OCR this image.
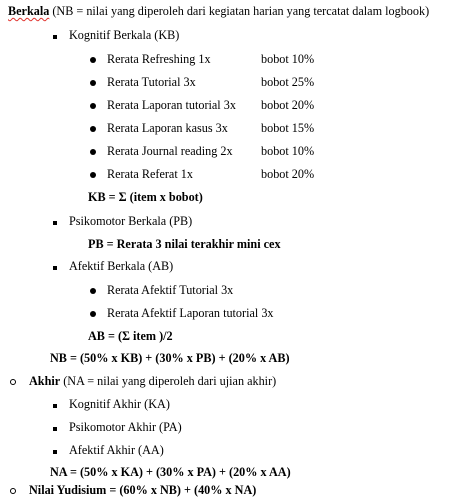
Berkala (NB = nilai yang diperoleh dari kegiatan harian yang tercatat dalam logbook)
Kognitif Berkala (KB)
Rerata Refreshing 1x	bobot 10%
Rerata Tutorial 3x	bobot 25%
Rerata Laporan tutorial 3x bobot 20%
Rerata Laporan kasus 3x	bobot 15%
Rerata Journal reading 2x bobot 10%
Rerata Referat 1x	bobot 20%
KB = Σ (item x bobot)
Psikomotor Berkala (PB)
PB = Rerata 3 nilai terakhir mini cex
Afektif Berkala (AB)
Rerata Afektif Tutorial 3x
Rerata Afektif Laporan tutorial 3x
AB = (Σ item )/2
NB = (50% x KB) + (30% x PB) + (20% x AB)
Akhir (NA = nilai yang diperoleh dari ujian akhir)
Kognitif Akhir (KA)
Psikomotor Akhir (PA)
Afektif Akhir (AA)
NA = (50% x KA) + (30% x PA) + (20% x AA)
Nilai Yudisium = (60% x NB) + (40% x NA)
